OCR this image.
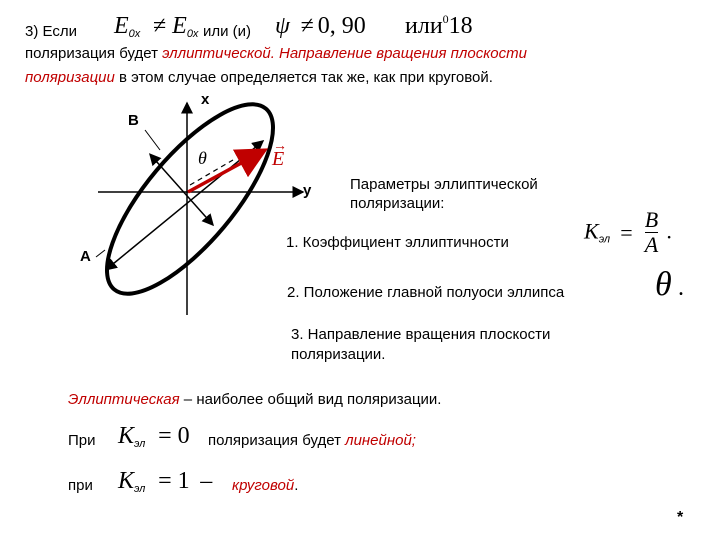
3) Если $E_{0x} \ne E_{0x}$ или (и) ψ ≠ 0, 90 или$^0$18
поляризация будет эллиптической. Направление вращения плоскости
поляризации в этом случае определяется так же, как при круговой.
x
y
B
A
θ
→
E
Параметры эллиптической
поляризации:
1. Коэффициент эллиптичности	$K_{эл} = \frac{B}{A}$ .
2. Положение главной полуоси эллипса	θ .
3. Направление вращения плоскости
поляризации.
Эллиптическая – наиболее общий вид поляризации.
При $K_{эл} = 0$ поляризация будет линейной;
при $K_{эл} = 1$ – круговой.
*
